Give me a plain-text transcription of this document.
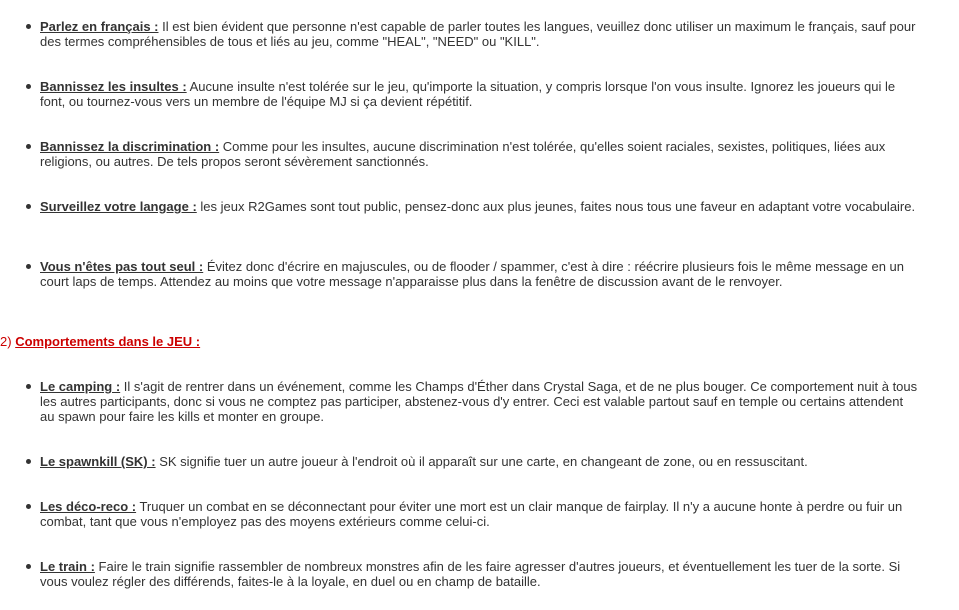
Parlez en français : Il est bien évident que personne n'est capable de parler toutes les langues, veuillez donc utiliser un maximum le français, sauf pour des termes compréhensibles de tous et liés au jeu, comme "HEAL", "NEED" ou "KILL".
Bannissez les insultes : Aucune insulte n'est tolérée sur le jeu, qu'importe la situation, y compris lorsque l'on vous insulte. Ignorez les joueurs qui le font, ou tournez-vous vers un membre de l'équipe MJ si ça devient répétitif.
Bannissez la discrimination : Comme pour les insultes, aucune discrimination n'est tolérée, qu'elles soient raciales, sexistes, politiques, liées aux religions, ou autres. De tels propos seront sévèrement sanctionnés.
Surveillez votre langage : les jeux R2Games sont tout public, pensez-donc aux plus jeunes, faites nous tous une faveur en adaptant votre vocabulaire.
Vous n'êtes pas tout seul : Évitez donc d'écrire en majuscules, ou de flooder / spammer, c'est à dire : réécrire plusieurs fois le même message en un court laps de temps. Attendez au moins que votre message n'apparaisse plus dans la fenêtre de discussion avant de le renvoyer.
2) Comportements dans le JEU :
Le camping : Il s'agit de rentrer dans un événement, comme les Champs d'Éther dans Crystal Saga, et de ne plus bouger. Ce comportement nuit à tous les autres participants, donc si vous ne comptez pas participer, abstenez-vous d'y entrer. Ceci est valable partout sauf en temple ou certains attendent au spawn pour faire les kills et monter en groupe.
Le spawnkill (SK) : SK signifie tuer un autre joueur à l'endroit où il apparaît sur une carte, en changeant de zone, ou en ressuscitant.
Les déco-reco : Truquer un combat en se déconnectant pour éviter une mort est un clair manque de fairplay. Il n'y a aucune honte à perdre ou fuir un combat, tant que vous n'employez pas des moyens extérieurs comme celui-ci.
Le train : Faire le train signifie rassembler de nombreux monstres afin de les faire agresser d'autres joueurs, et éventuellement les tuer de la sorte. Si vous voulez régler des différends, faites-le à la loyale, en duel ou en champ de bataille.
